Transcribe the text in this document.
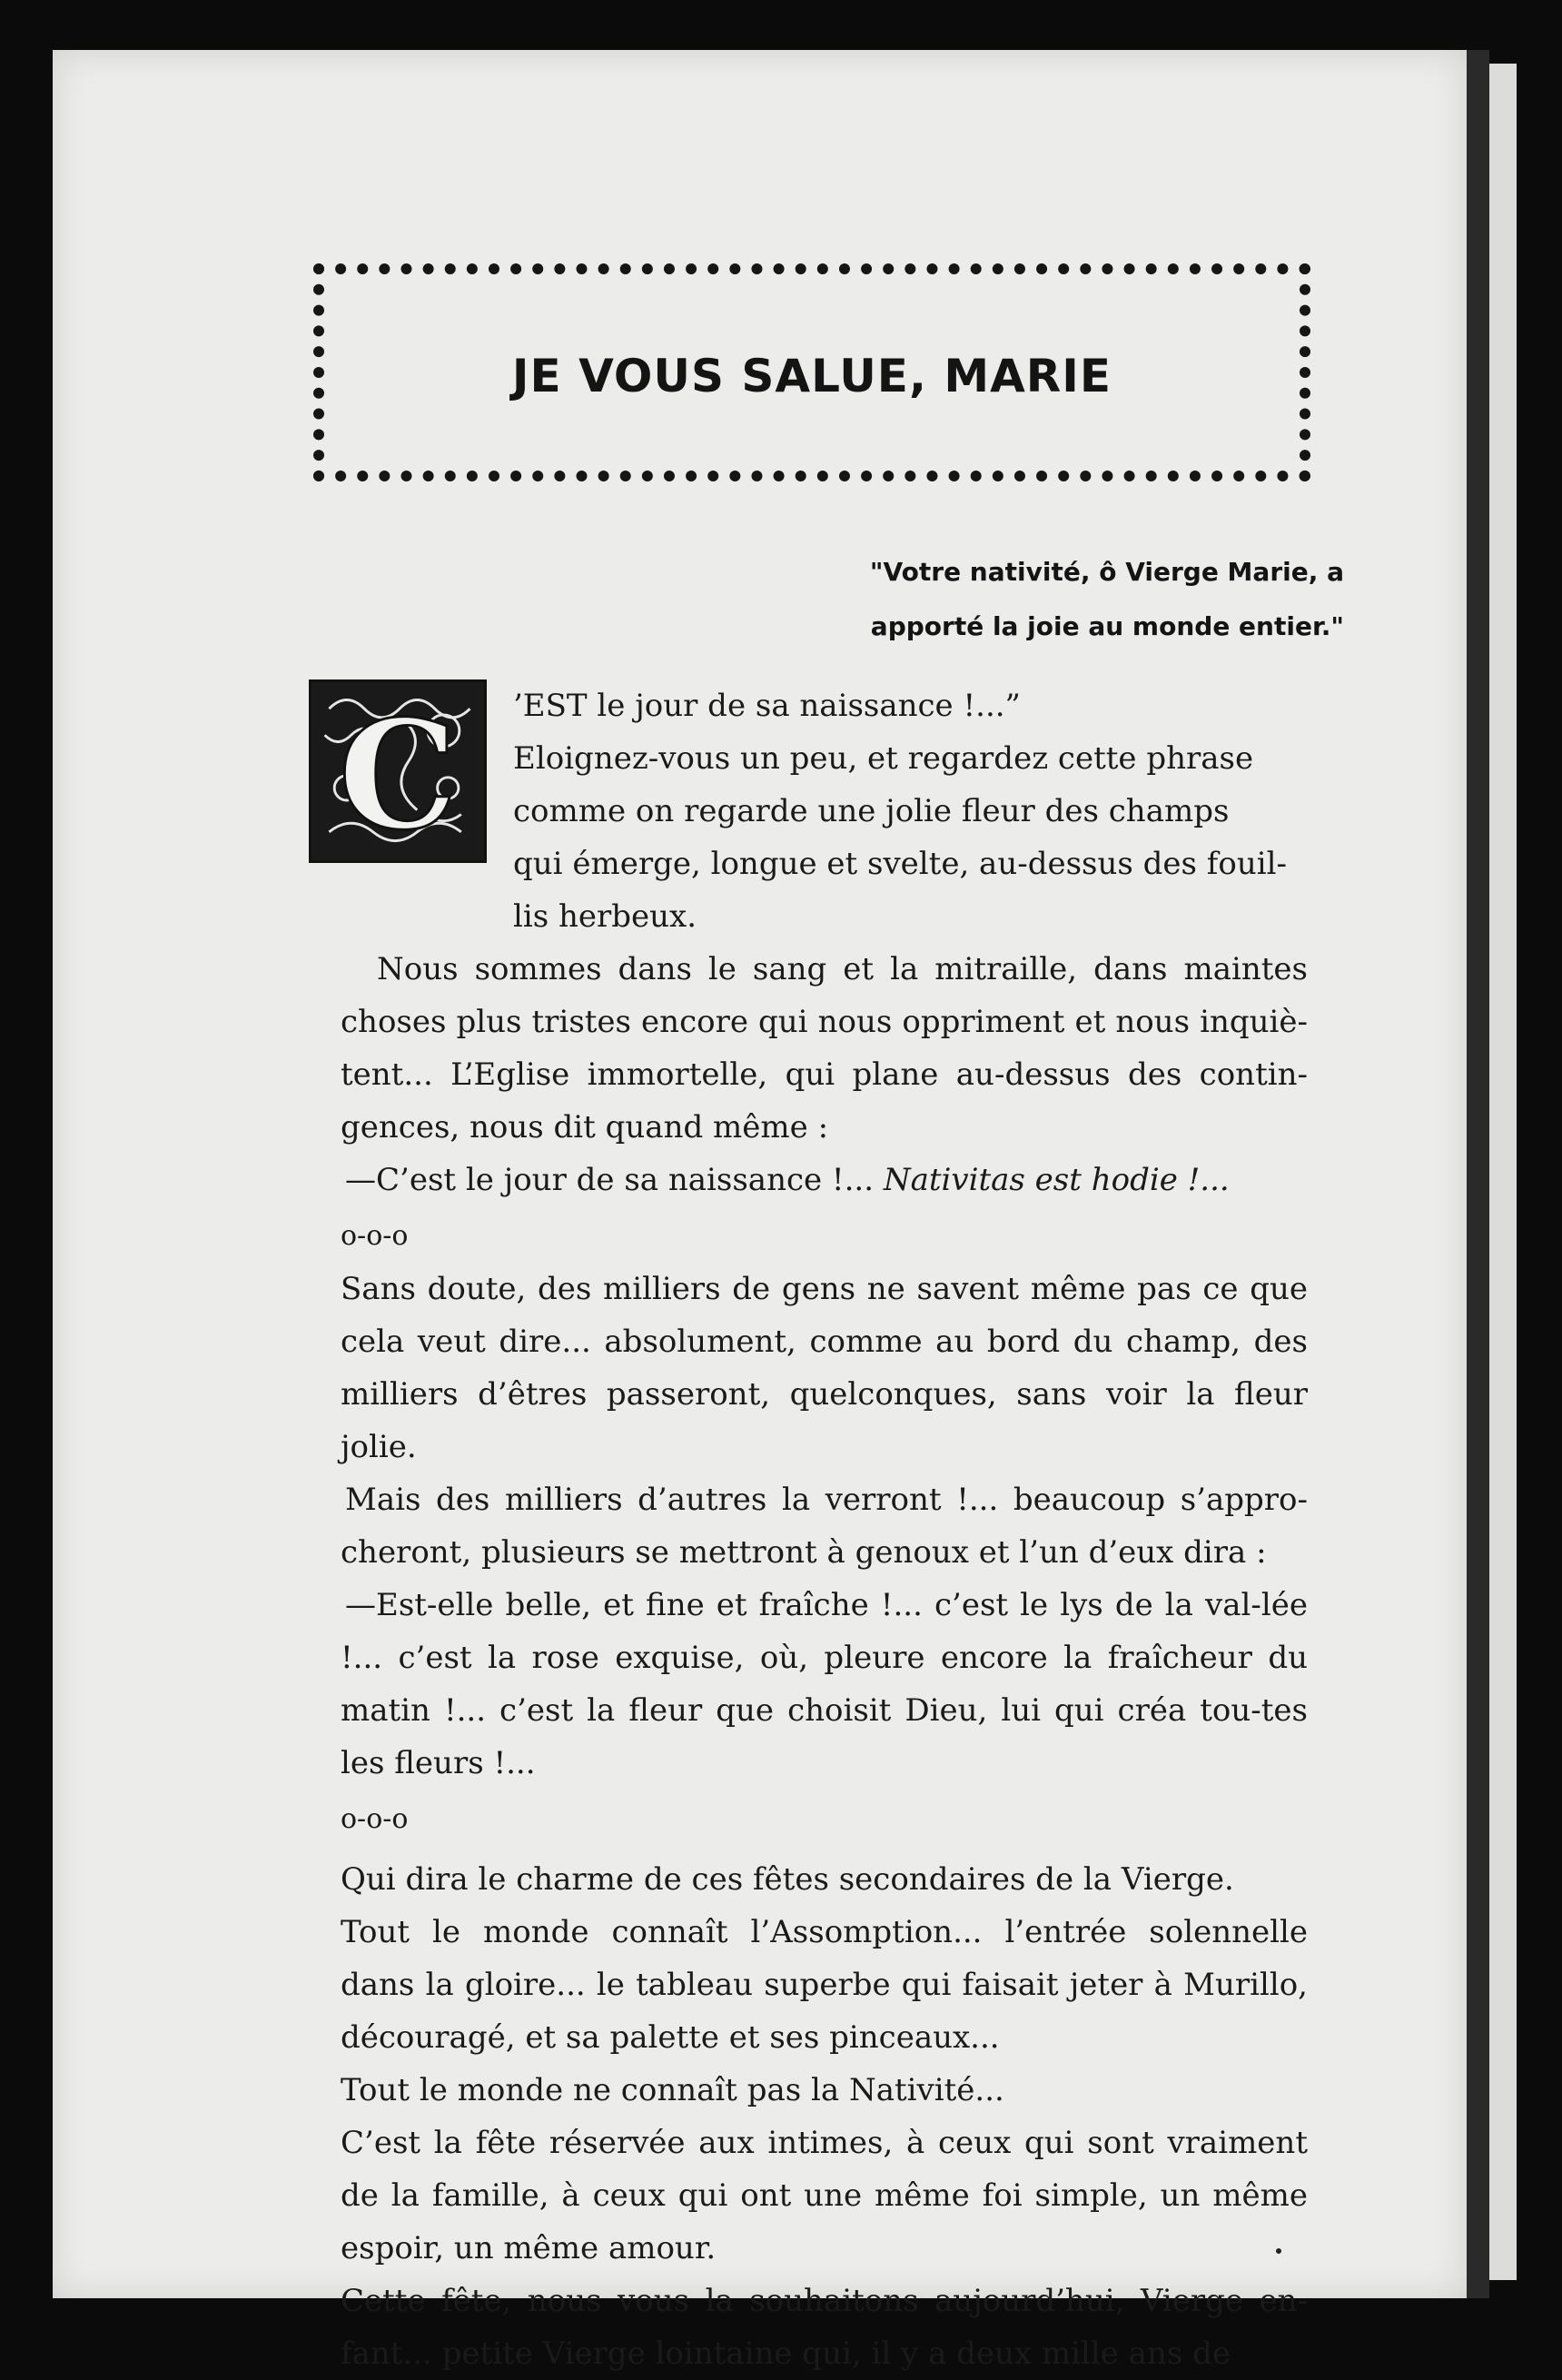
JE VOUS SALUE, MARIE
"Votre nativité, ô Vierge Marie, a
apporté la joie au monde entier."
C ’EST le jour de sa naissance !...”

Eloignez-vous un peu, et regardez cette phrase

comme on regarde une jolie fleur des champs

qui émerge, longue et svelte, au-dessus des fouil-

lis herbeux.

Nous sommes dans le sang et la mitraille, dans maintes choses plus tristes encore qui nous oppriment et nous inquiè-tent... L’Eglise immortelle, qui plane au-dessus des contin-gences, nous dit quand même :

—C’est le jour de sa naissance !... Nativitas est hodie !...

o-o-o

Sans doute, des milliers de gens ne savent même pas ce que cela veut dire... absolument, comme au bord du champ, des milliers d’êtres passeront, quelconques, sans voir la fleur jolie.

Mais des milliers d’autres la verront !... beaucoup s’appro-cheront, plusieurs se mettront à genoux et l’un d’eux dira :

—Est-elle belle, et fine et fraîche !... c’est le lys de la val-lée !... c’est la rose exquise, où, pleure encore la fraîcheur du matin !... c’est la fleur que choisit Dieu, lui qui créa tou-tes les fleurs !...

o-o-o

Qui dira le charme de ces fêtes secondaires de la Vierge.

Tout le monde connaît l’Assomption... l’entrée solennelle dans la gloire... le tableau superbe qui faisait jeter à Murillo, découragé, et sa palette et ses pinceaux...

Tout le monde ne connaît pas la Nativité...

C’est la fête réservée aux intimes, à ceux qui sont vraiment de la famille, à ceux qui ont une même foi simple, un même espoir, un même amour.

Cette fête, nous vous la souhaitons aujourd’hui, Vierge en-fant... petite Vierge lointaine qui, il y a deux mille ans de
